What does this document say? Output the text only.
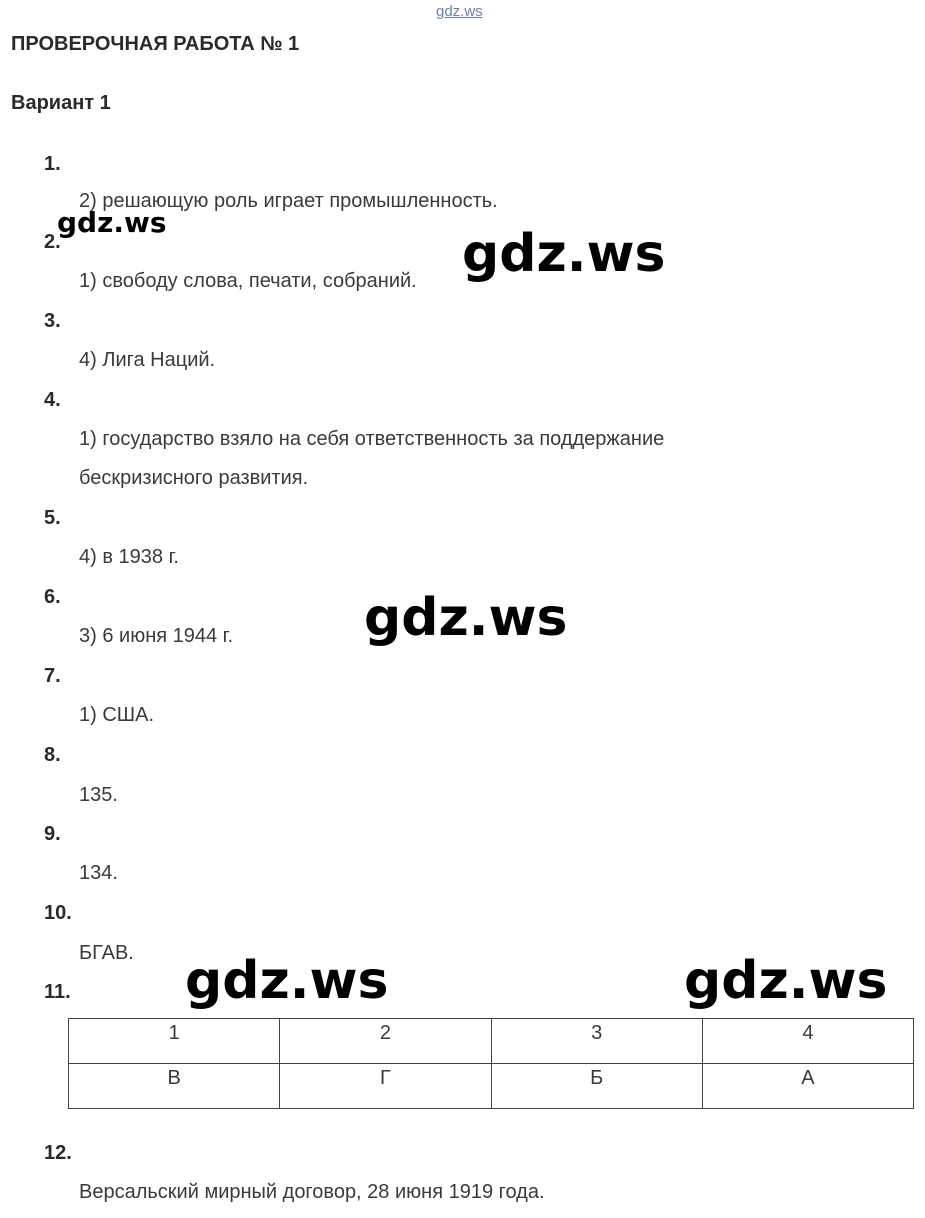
gdz.ws
ПРОВЕРОЧНАЯ РАБОТА № 1
Вариант 1
1.
2) решающую роль играет промышленность.
2.
1) свободу слова, печати, собраний.
3.
4) Лига Наций.
4.
1) государство взяло на себя ответственность за поддержание
бескризисного развития.
5.
4) в 1938 г.
6.
3) 6 июня 1944 г.
7.
1) США.
8.
135.
9.
134.
10.
БГАВ.
11.
1	2	3	4
В	Г	Б	А
12.
Версальский мирный договор, 28 июня 1919 года.
gdz.ws
gdz.ws
gdz.ws
gdz.ws	gdz.ws
